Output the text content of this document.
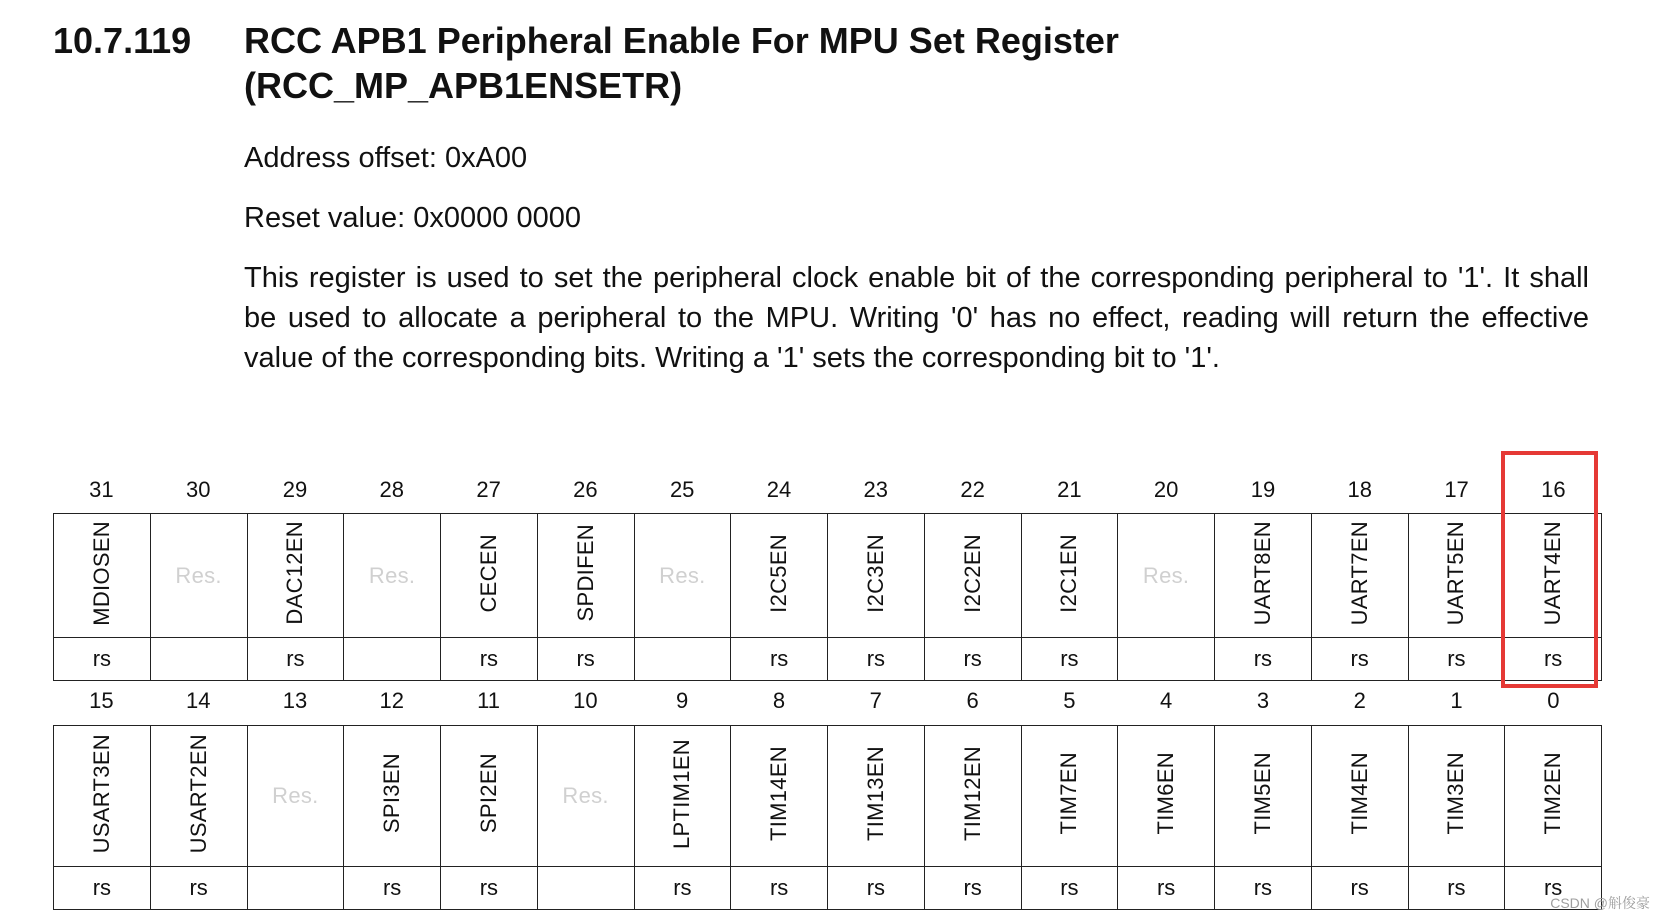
10.7.119 RCC APB1 Peripheral Enable For MPU Set Register (RCC_MP_APB1ENSETR)
Address offset: 0xA00
Reset value: 0x0000 0000
This register is used to set the peripheral clock enable bit of the corresponding peripheral to '1'. It shall be used to allocate a peripheral to the MPU. Writing '0' has no effect, reading will return the effective value of the corresponding bits. Writing a '1' sets the corresponding bit to '1'.
31	30	29	28	27	26	25	24	23	22	21	20	19	18	17	16
MDIOSEN	Res.	DAC12EN	Res.	CECEN	SPDIFEN	Res.	I2C5EN	I2C3EN	I2C2EN	I2C1EN	Res.	UART8EN	UART7EN	UART5EN	UART4EN
rs		rs		rs	rs		rs	rs	rs	rs		rs	rs	rs	rs
15	14	13	12	11	10	9	8	7	6	5	4	3	2	1	0
USART3EN	USART2EN	Res.	SPI3EN	SPI2EN	Res.	LPTIM1EN	TIM14EN	TIM13EN	TIM12EN	TIM7EN	TIM6EN	TIM5EN	TIM4EN	TIM3EN	TIM2EN
rs	rs		rs	rs		rs	rs	rs	rs	rs	rs	rs	rs	rs	rs
CSDN @斛俊豪
